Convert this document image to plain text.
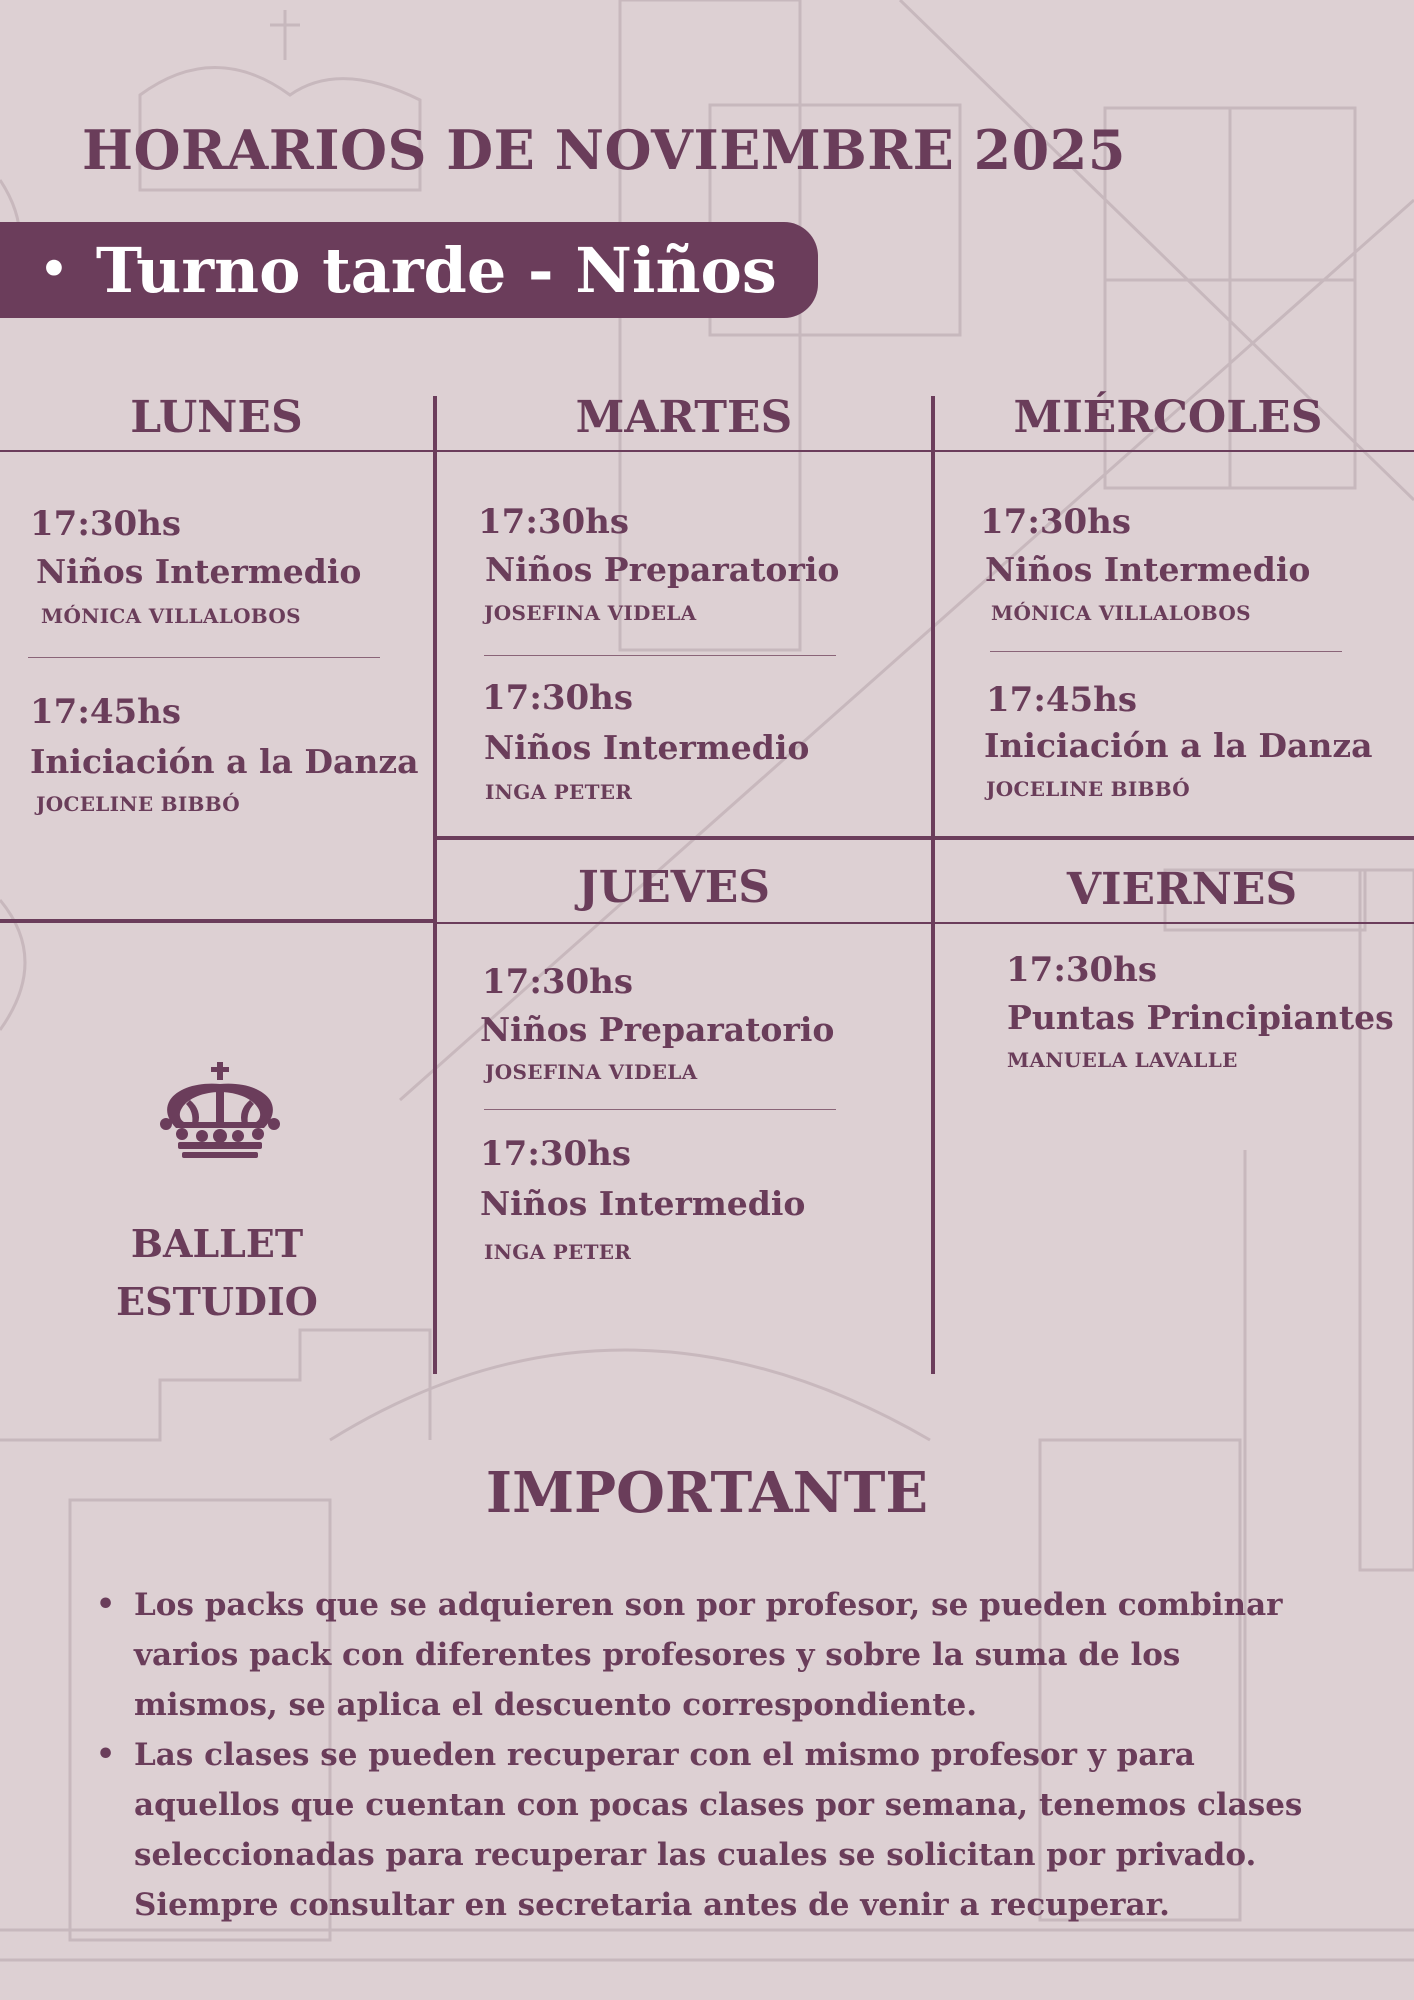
HORARIOS DE NOVIEMBRE 2025
• Turno tarde - Niños
LUNES
17:30hs
Niños Intermedio
MÓNICA VILLALOBOS
17:45hs
Iniciación a la Danza
JOCELINE BIBBÓ
MARTES
17:30hs
Niños Preparatorio
JOSEFINA VIDELA
17:30hs
Niños Intermedio
INGA PETER
MIÉRCOLES
17:30hs
Niños Intermedio
MÓNICA VILLALOBOS
17:45hs
Iniciación a la Danza
JOCELINE BIBBÓ
JUEVES
17:30hs
Niños Preparatorio
JOSEFINA VIDELA
17:30hs
Niños Intermedio
INGA PETER
VIERNES
17:30hs
Puntas Principiantes
MANUELA LAVALLE
BALLET
ESTUDIO
IMPORTANTE
• Los packs que se adquieren son por profesor, se pueden combinar varios pack con diferentes profesores y sobre la suma de los mismos, se aplica el descuento correspondiente.
• Las clases se pueden recuperar con el mismo profesor y para aquellos que cuentan con pocas clases por semana, tenemos clases seleccionadas para recuperar las cuales se solicitan por privado. Siempre consultar en secretaria antes de venir a recuperar.
